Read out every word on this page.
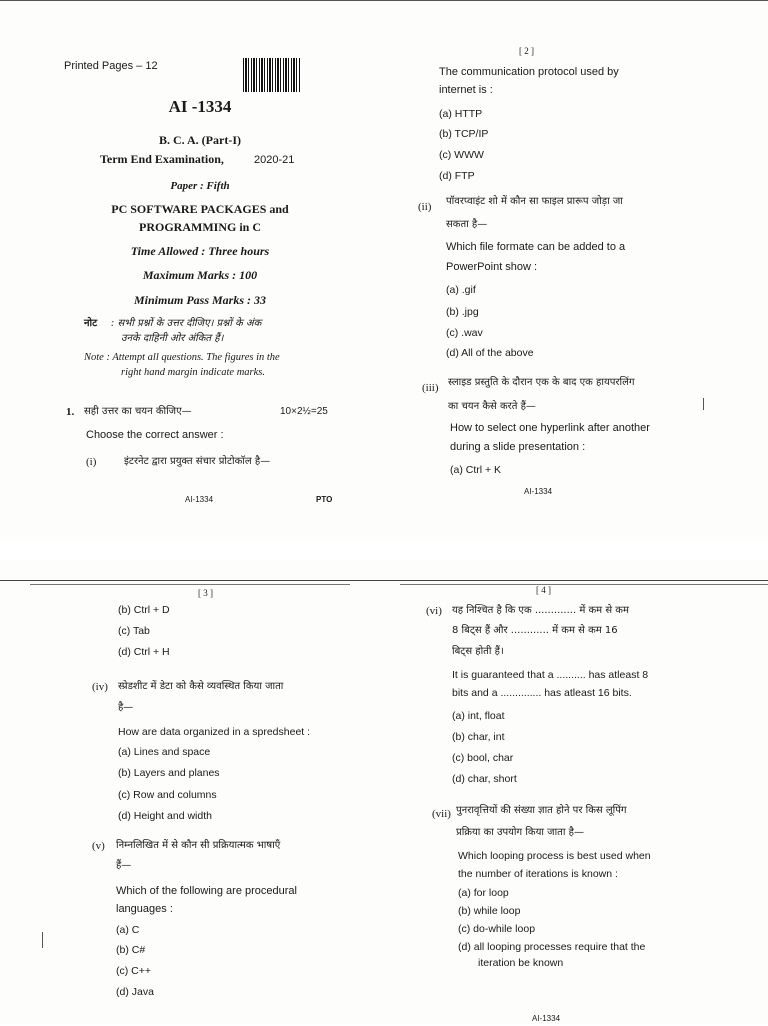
Printed Pages – 12
AI -1334
B. C. A. (Part-I)
Term End Examination,	2020-21
Paper : Fifth
PC SOFTWARE PACKAGES and
PROGRAMMING in C
Time Allowed : Three hours
Maximum Marks : 100
Minimum Pass Marks : 33
नोट : सभी प्रश्नों के उत्तर दीजिए। प्रश्नों के अंक
उनके दाहिनी ओर अंकित हैं।
Note : Attempt all questions. The figures in the
right hand margin indicate marks.
1. सही उत्तर का चयन कीजिए—	10×2½=25
Choose the correct answer :
(i)	इंटरनेट द्वारा प्रयुक्त संचार प्रोटोकॉल है—
AI-1334	PTO
[ 2 ]
The communication protocol used by
internet is :
(a) HTTP
(b) TCP/IP
(c) WWW
(d) FTP
(ii) पॉवरप्वाइंट शो में कौन सा फाइल प्रारूप जोड़ा जा
सकता है—
Which file formate can be added to a
PowerPoint show :
(a) .gif
(b) .jpg
(c) .wav
(d) All of the above
(iii) स्लाइड प्रस्तुति के दौरान एक के बाद एक हायपरलिंग
का चयन कैसे करते हैं—
How to select one hyperlink after another
during a slide presentation :
(a) Ctrl + K
AI-1334
[ 3 ]
(b) Ctrl + D
(c) Tab
(d) Ctrl + H
(iv) स्प्रेडशीट में डेटा को कैसे व्यवस्थित किया जाता
है—
How are data organized in a spredsheet :
(a) Lines and space
(b) Layers and planes
(c) Row and columns
(d) Height and width
(v) निम्नलिखित में से कौन सी प्रक्रियात्मक भाषाएँ
हैं—
Which of the following are procedural
languages :
(a) C
(b) C#
(c) C++
(d) Java
[ 4 ]
(vi) यह निश्चित है कि एक ............. में कम से कम
8 बिट्स हैं और ............ में कम से कम 16
बिट्स होती हैं।
It is guaranteed that a .......... has atleast 8
bits and a .............. has atleast 16 bits.
(a) int, float
(b) char, int
(c) bool, char
(d) char, short
(vii) पुनरावृत्तियों की संख्या ज्ञात होने पर किस लूपिंग
प्रक्रिया का उपयोग किया जाता है—
Which looping process is best used when
the number of iterations is known :
(a) for loop
(b) while loop
(c) do-while loop
(d) all looping processes require that the
iteration be known
AI-1334
